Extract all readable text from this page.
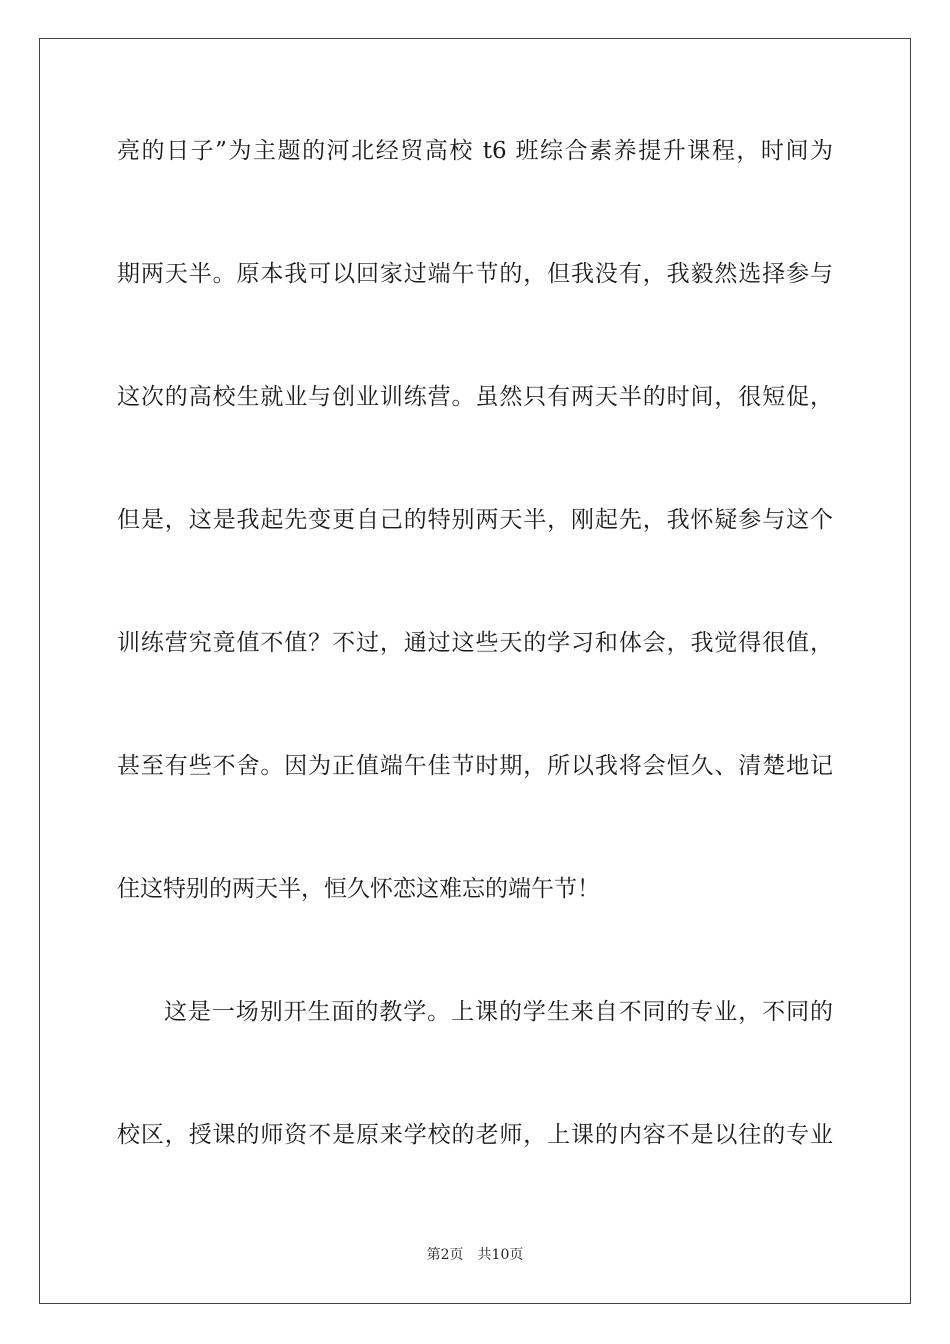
亮的日子”为主题的河北经贸高校 t6 班综合素养提升课程，时间为
期两天半。原本我可以回家过端午节的，但我没有，我毅然选择参与
这次的高校生就业与创业训练营。虽然只有两天半的时间，很短促，
但是，这是我起先变更自己的特别两天半，刚起先，我怀疑参与这个
训练营究竟值不值？不过，通过这些天的学习和体会，我觉得很值，
甚至有些不舍。因为正值端午佳节时期，所以我将会恒久、清楚地记
住这特别的两天半，恒久怀恋这难忘的端午节！
这是一场别开生面的教学。上课的学生来自不同的专业，不同的
校区，授课的师资不是原来学校的老师，上课的内容不是以往的专业
第2页 共10页
